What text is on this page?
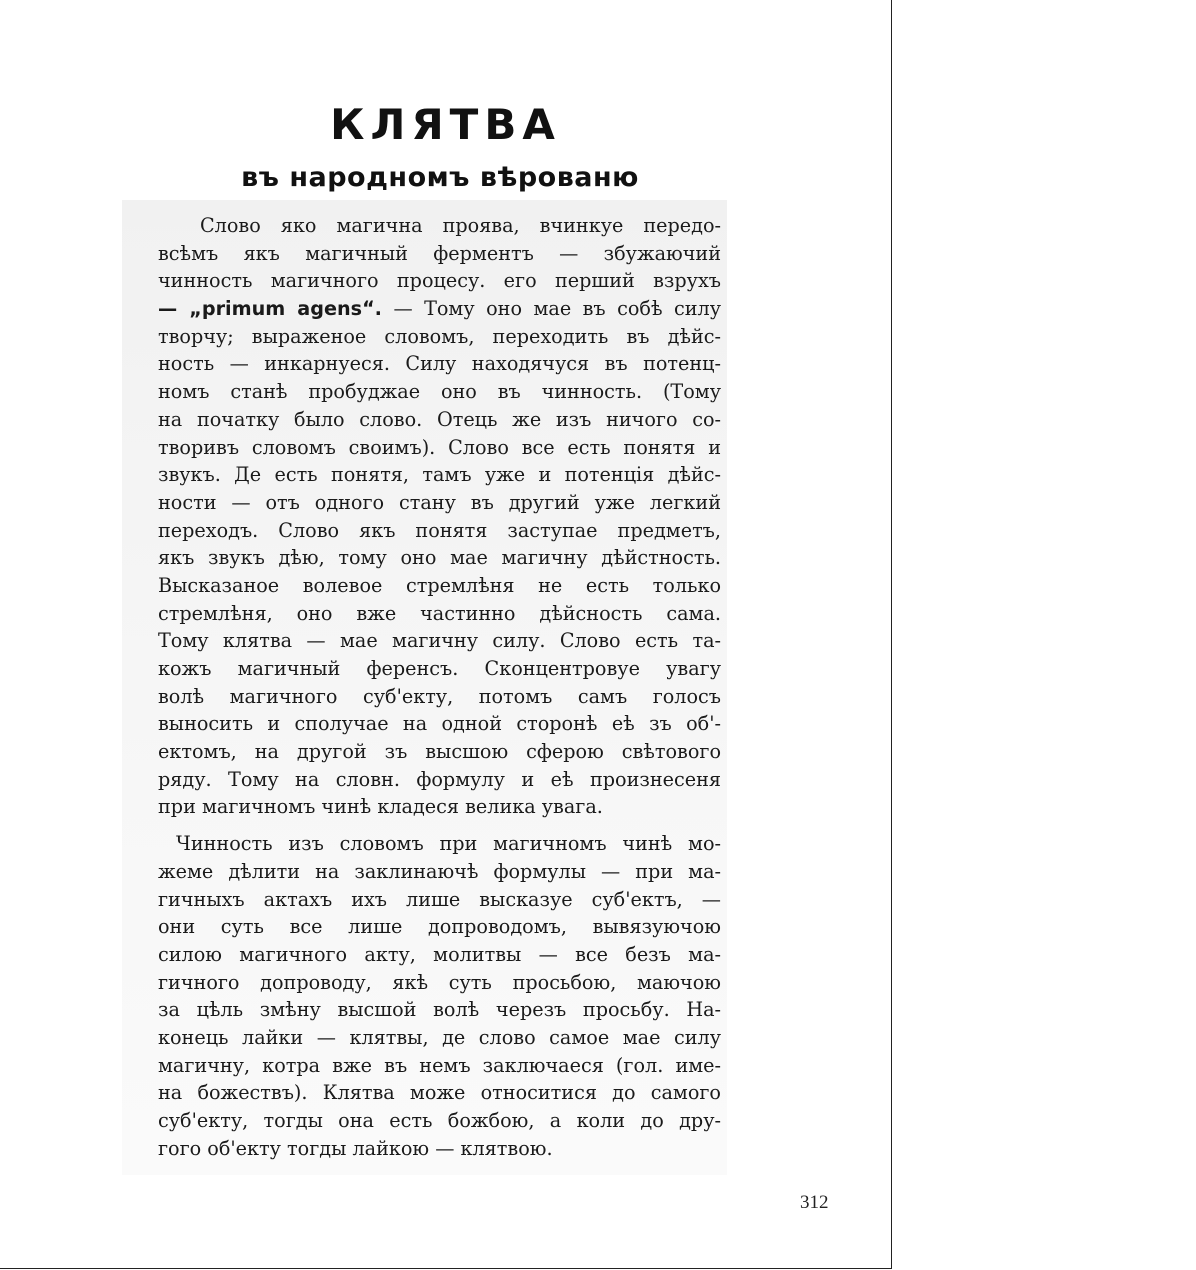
КЛЯТВА
въ народномъ вѣрованю
Слово яко магична проява, вчинкуе передо-
всѣмъ якъ магичный ферментъ — збужаючий
чинность магичного процесу. его перший взрухъ
— „primum agens“. — Тому оно мае въ собѣ силу
творчу; выраженое словомъ, переходить въ дѣйс-
ность — инкарнуеся. Силу находячуся въ потенц-
номъ станѣ пробуджае оно въ чинность. (Тому
на початку было слово. Отець же изъ ничого со-
творивъ словомъ своимъ). Слово все есть понятя и
звукъ. Де есть понятя, тамъ уже и потенція дѣйс-
ности — отъ одного стану въ другий уже легкий
переходъ. Слово якъ понятя заступае предметъ,
якъ звукъ дѣю, тому оно мае магичну дѣйстность.
Высказаное волевое стремлѣня не есть только
стремлѣня, оно вже частинно дѣйсность сама.
Тому клятва — мае магичну силу. Слово есть та-
кожъ магичный ференсъ. Сконцентровуе увагу
волѣ магичного суб'екту, потомъ самъ голосъ
выносить и сполучае на одной сторонѣ еѣ зъ об'-
ектомъ, на другой зъ высшою сферою свѣтового
ряду. Тому на словн. формулу и еѣ произнесеня
при магичномъ чинѣ кладеся велика увага.
Чинность изъ словомъ при магичномъ чинѣ мо-
жеме дѣлити на заклинаючѣ формулы — при ма-
гичныхъ актахъ ихъ лише высказуе суб'ектъ, —
они суть все лише допроводомъ, вывязуючою
силою магичного акту, молитвы — все безъ ма-
гичного допроводу, якѣ суть просьбою, маючою
за цѣль змѣну высшой волѣ черезъ просьбу. На-
конець лайки — клятвы, де слово самое мае силу
магичну, котра вже въ немъ заключаеся (гол. име-
на божествъ). Клятва може относитися до самого
суб'екту, тогды она есть божбою, а коли до дру-
гого об'екту тогды лайкою — клятвою.
312
